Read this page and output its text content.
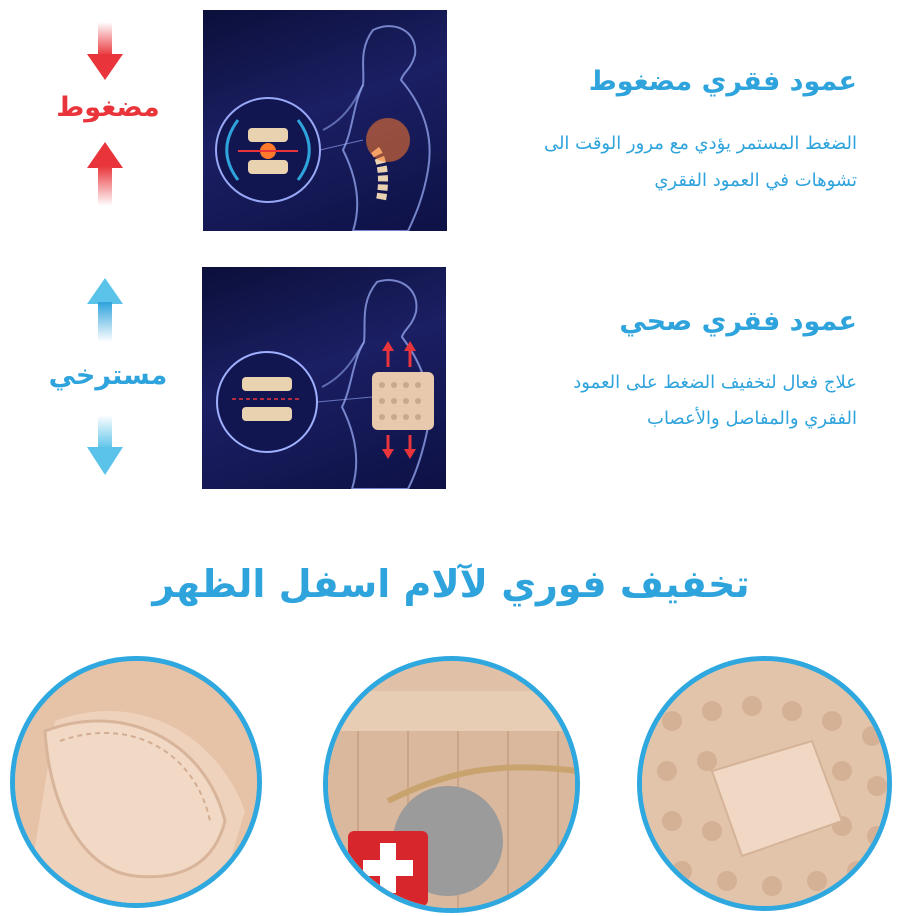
مضغوط
عمود فقري مضغوط
الضغط المستمر يؤدي مع مرور الوقت الى
تشوهات في العمود الفقري
مسترخي
عمود فقري صحي
علاج فعال لتخفيف الضغط على العمود
الفقري والمفاصل والأعصاب
تخفيف فوري لآلام اسفل الظهر
